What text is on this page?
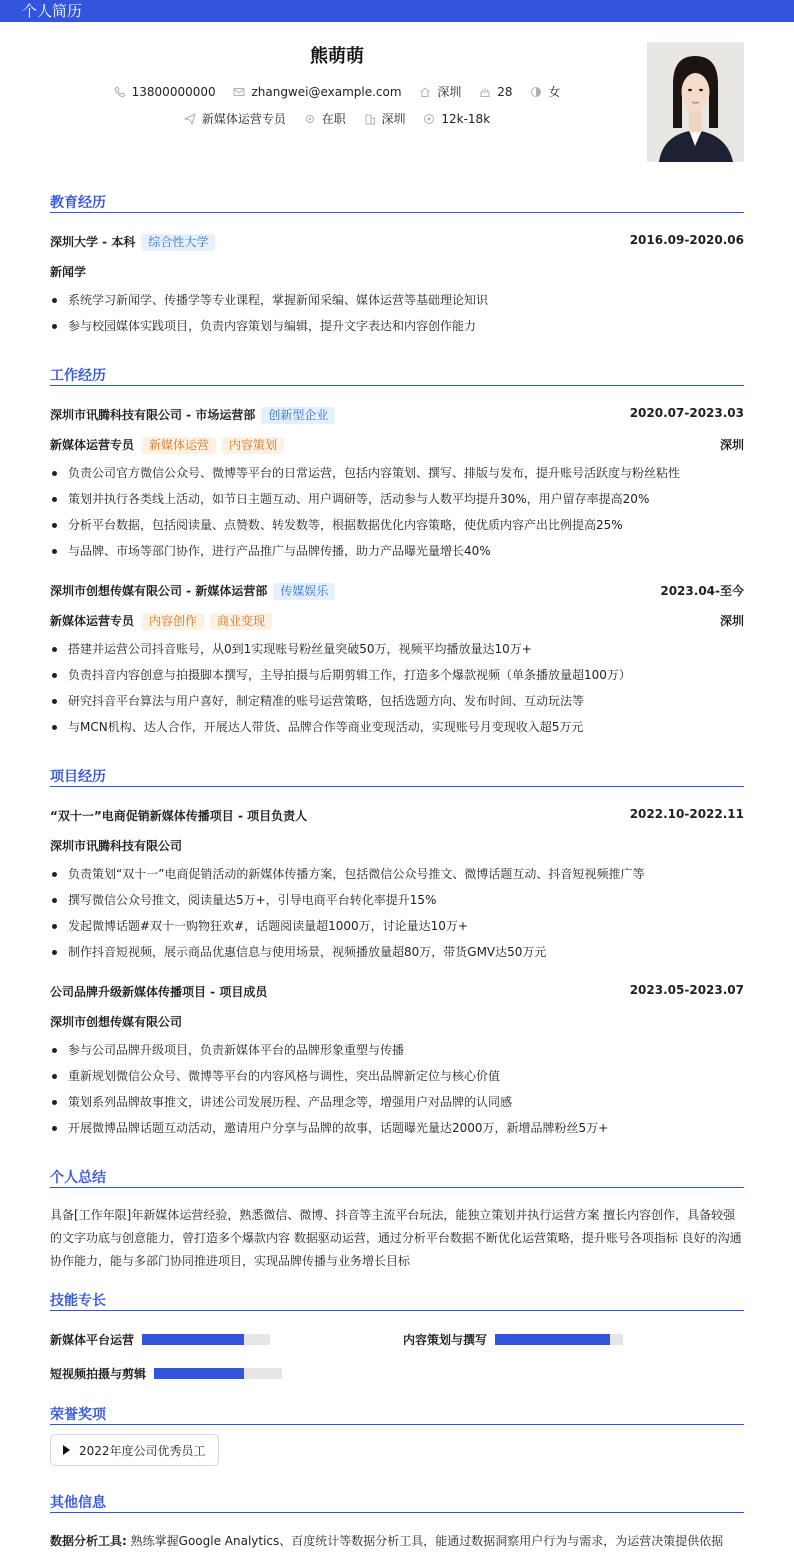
个人简历
熊萌萌
13800000000
	zhangwei@example.com
	深圳
	28
	女
新媒体运营专员
	在职
	深圳
	12k-18k
教育经历
深圳大学 - 本科 综合性大学	2016.09-2020.06
新闻学
系统学习新闻学、传播学等专业课程，掌握新闻采编、媒体运营等基础理论知识
参与校园媒体实践项目，负责内容策划与编辑，提升文字表达和内容创作能力
工作经历
深圳市讯腾科技有限公司 - 市场运营部 创新型企业	2020.07-2023.03
新媒体运营专员 新媒体运营 内容策划	深圳
负责公司官方微信公众号、微博等平台的日常运营，包括内容策划、撰写、排版与发布，提升账号活跃度与粉丝粘性
策划并执行各类线上活动，如节日主题互动、用户调研等，活动参与人数平均提升30%，用户留存率提高20%
分析平台数据，包括阅读量、点赞数、转发数等，根据数据优化内容策略，使优质内容产出比例提高25%
与品牌、市场等部门协作，进行产品推广与品牌传播，助力产品曝光量增长40%
深圳市创想传媒有限公司 - 新媒体运营部 传媒娱乐	2023.04-至今
新媒体运营专员 内容创作 商业变现	深圳
搭建并运营公司抖音账号，从0到1实现账号粉丝量突破50万，视频平均播放量达10万+
负责抖音内容创意与拍摄脚本撰写，主导拍摄与后期剪辑工作，打造多个爆款视频（单条播放量超100万）
研究抖音平台算法与用户喜好，制定精准的账号运营策略，包括选题方向、发布时间、互动玩法等
与MCN机构、达人合作，开展达人带货、品牌合作等商业变现活动，实现账号月变现收入超5万元
项目经历
“双十一”电商促销新媒体传播项目 - 项目负责人	2022.10-2022.11
深圳市讯腾科技有限公司
负责策划“双十一”电商促销活动的新媒体传播方案，包括微信公众号推文、微博话题互动、抖音短视频推广等
撰写微信公众号推文，阅读量达5万+，引导电商平台转化率提升15%
发起微博话题#双十一购物狂欢#，话题阅读量超1000万，讨论量达10万+
制作抖音短视频，展示商品优惠信息与使用场景，视频播放量超80万，带货GMV达50万元
公司品牌升级新媒体传播项目 - 项目成员	2023.05-2023.07
深圳市创想传媒有限公司
参与公司品牌升级项目，负责新媒体平台的品牌形象重塑与传播
重新规划微信公众号、微博等平台的内容风格与调性，突出品牌新定位与核心价值
策划系列品牌故事推文，讲述公司发展历程、产品理念等，增强用户对品牌的认同感
开展微博品牌话题互动活动，邀请用户分享与品牌的故事，话题曝光量达2000万，新增品牌粉丝5万+
个人总结
具备[工作年限]年新媒体运营经验，熟悉微信、微博、抖音等主流平台玩法，能独立策划并执行运营方案 擅长内容创作，具备较强的文字功底与创意能力，曾打造多个爆款内容 数据驱动运营，通过分析平台数据不断优化运营策略，提升账号各项指标 良好的沟通协作能力，能与多部门协同推进项目，实现品牌传播与业务增长目标
技能专长
新媒体平台运营	内容策划与撰写
短视频拍摄与剪辑
荣誉奖项
2022年度公司优秀员工
其他信息
数据分析工具: 熟练掌握Google Analytics、百度统计等数据分析工具，能通过数据洞察用户行为与需求，为运营决策提供依据
